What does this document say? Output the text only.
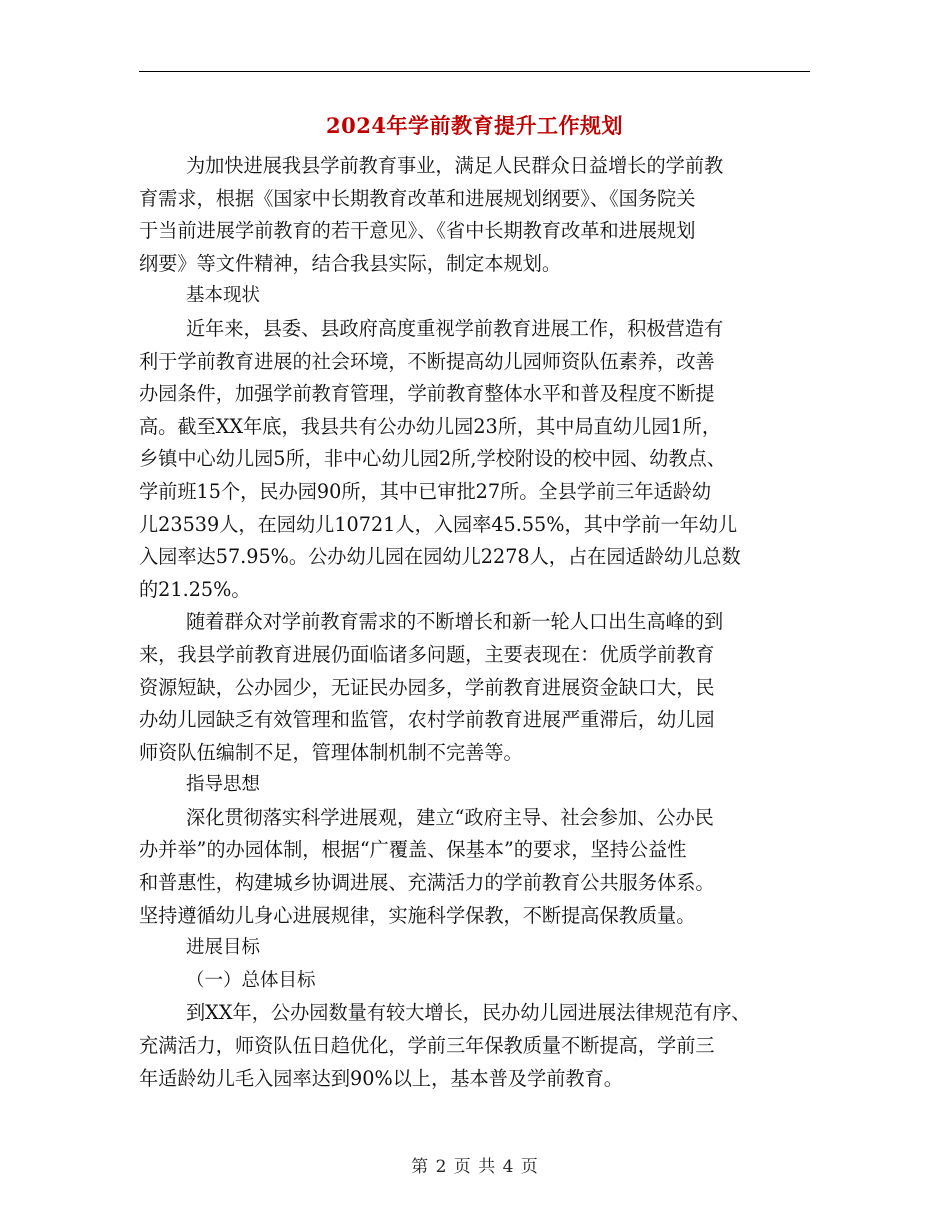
2024年学前教育提升工作规划
为加快进展我县学前教育事业，满足人民群众日益增长的学前教
育需求，根据《国家中长期教育改革和进展规划纲要》、《国务院关
于当前进展学前教育的若干意见》、《省中长期教育改革和进展规划
纲要》等文件精神，结合我县实际，制定本规划。
基本现状
近年来，县委、县政府高度重视学前教育进展工作，积极营造有
利于学前教育进展的社会环境，不断提高幼儿园师资队伍素养，改善
办园条件，加强学前教育管理，学前教育整体水平和普及程度不断提
高。截至XX年底，我县共有公办幼儿园23所，其中局直幼儿园1所，
乡镇中心幼儿园5所，非中心幼儿园2所,学校附设的校中园、幼教点、
学前班15个，民办园90所，其中已审批27所。全县学前三年适龄幼
儿23539人，在园幼儿10721人，入园率45.55%，其中学前一年幼儿
入园率达57.95%。公办幼儿园在园幼儿2278人，占在园适龄幼儿总数
的21.25%。
随着群众对学前教育需求的不断增长和新一轮人口出生高峰的到
来，我县学前教育进展仍面临诸多问题，主要表现在：优质学前教育
资源短缺，公办园少，无证民办园多，学前教育进展资金缺口大，民
办幼儿园缺乏有效管理和监管，农村学前教育进展严重滞后，幼儿园
师资队伍编制不足，管理体制机制不完善等。
指导思想
深化贯彻落实科学进展观，建立“政府主导、社会参加、公办民
办并举”的办园体制，根据“广覆盖、保基本”的要求，坚持公益性
和普惠性，构建城乡协调进展、充满活力的学前教育公共服务体系。
坚持遵循幼儿身心进展规律，实施科学保教，不断提高保教质量。
进展目标
（一）总体目标
到XX年，公办园数量有较大增长，民办幼儿园进展法律规范有序、
充满活力，师资队伍日趋优化，学前三年保教质量不断提高，学前三
年适龄幼儿毛入园率达到90%以上，基本普及学前教育。
第 2 页 共 4 页
